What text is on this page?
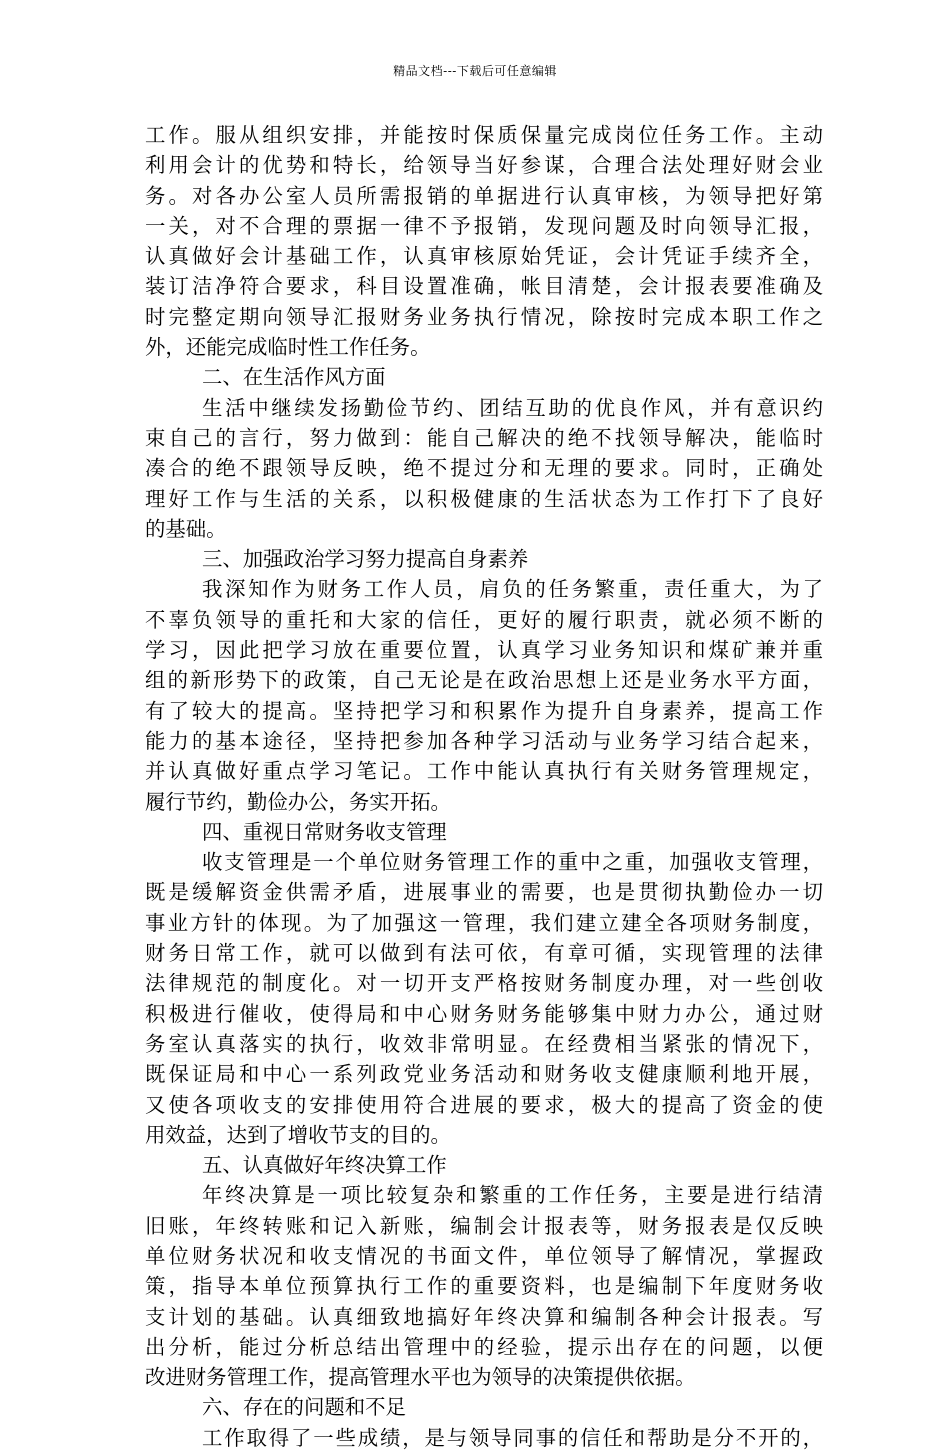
精品文档---下载后可任意编辑
工作。服从组织安排，并能按时保质保量完成岗位任务工作。主动
利用会计的优势和特长，给领导当好参谋，合理合法处理好财会业
务。对各办公室人员所需报销的单据进行认真审核，为领导把好第
一关，对不合理的票据一律不予报销，发现问题及时向领导汇报，
认真做好会计基础工作，认真审核原始凭证，会计凭证手续齐全，
装订洁净符合要求，科目设置准确，帐目清楚，会计报表要准确及
时完整定期向领导汇报财务业务执行情况，除按时完成本职工作之
外，还能完成临时性工作任务。
二、在生活作风方面
生活中继续发扬勤俭节约、团结互助的优良作风，并有意识约
束自己的言行，努力做到：能自己解决的绝不找领导解决，能临时
凑合的绝不跟领导反映，绝不提过分和无理的要求。同时，正确处
理好工作与生活的关系，以积极健康的生活状态为工作打下了良好
的基础。
三、加强政治学习努力提高自身素养
我深知作为财务工作人员，肩负的任务繁重，责任重大，为了
不辜负领导的重托和大家的信任，更好的履行职责，就必须不断的
学习，因此把学习放在重要位置，认真学习业务知识和煤矿兼并重
组的新形势下的政策，自己无论是在政治思想上还是业务水平方面，
有了较大的提高。坚持把学习和积累作为提升自身素养，提高工作
能力的基本途径，坚持把参加各种学习活动与业务学习结合起来，
并认真做好重点学习笔记。工作中能认真执行有关财务管理规定，
履行节约，勤俭办公，务实开拓。
四、重视日常财务收支管理
收支管理是一个单位财务管理工作的重中之重，加强收支管理，
既是缓解资金供需矛盾，进展事业的需要，也是贯彻执勤俭办一切
事业方针的体现。为了加强这一管理，我们建立建全各项财务制度，
财务日常工作，就可以做到有法可依，有章可循，实现管理的法律
法律规范的制度化。对一切开支严格按财务制度办理，对一些创收
积极进行催收，使得局和中心财务财务能够集中财力办公，通过财
务室认真落实的执行，收效非常明显。在经费相当紧张的情况下，
既保证局和中心一系列政党业务活动和财务收支健康顺利地开展，
又使各项收支的安排使用符合进展的要求，极大的提高了资金的使
用效益，达到了增收节支的目的。
五、认真做好年终决算工作
年终决算是一项比较复杂和繁重的工作任务，主要是进行结清
旧账，年终转账和记入新账，编制会计报表等，财务报表是仅反映
单位财务状况和收支情况的书面文件，单位领导了解情况，掌握政
策，指导本单位预算执行工作的重要资料，也是编制下年度财务收
支计划的基础。认真细致地搞好年终决算和编制各种会计报表。写
出分析，能过分析总结出管理中的经验，提示出存在的问题，以便
改进财务管理工作，提高管理水平也为领导的决策提供依据。
六、存在的问题和不足
工作取得了一些成绩，是与领导同事的信任和帮助是分不开的，
